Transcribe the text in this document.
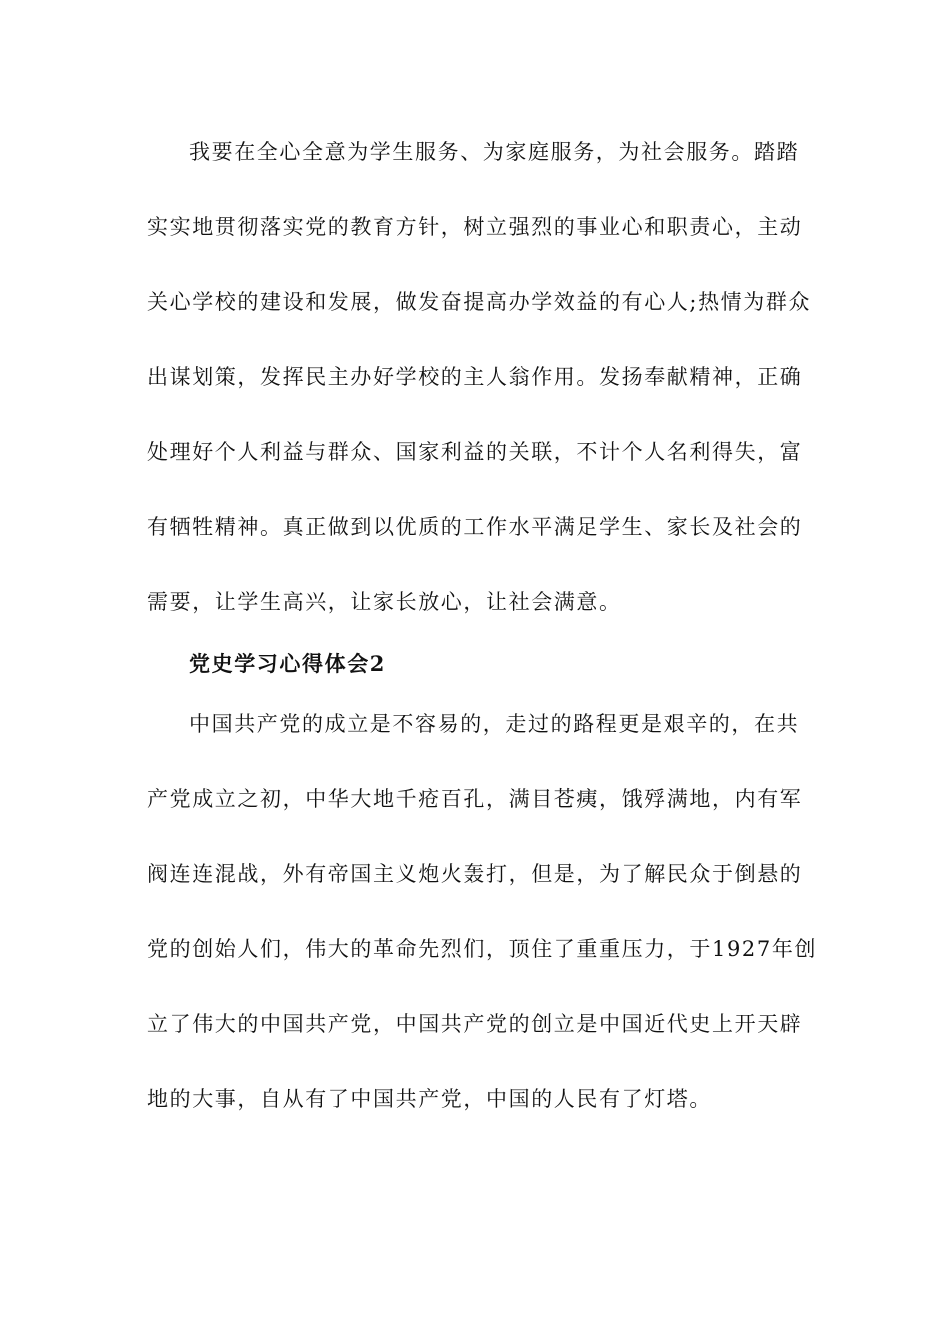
我要在全心全意为学生服务、为家庭服务，为社会服务。踏踏
实实地贯彻落实党的教育方针，树立强烈的事业心和职责心，主动
关心学校的建设和发展，做发奋提高办学效益的有心人;热情为群众
出谋划策，发挥民主办好学校的主人翁作用。发扬奉献精神，正确
处理好个人利益与群众、国家利益的关联，不计个人名利得失，富
有牺牲精神。真正做到以优质的工作水平满足学生、家长及社会的
需要，让学生高兴，让家长放心，让社会满意。
党史学习心得体会2
中国共产党的成立是不容易的，走过的路程更是艰辛的，在共
产党成立之初，中华大地千疮百孔，满目苍痍，饿殍满地，内有军
阀连连混战，外有帝国主义炮火轰打，但是，为了解民众于倒悬的
党的创始人们，伟大的革命先烈们，顶住了重重压力，于1927年创
立了伟大的中国共产党，中国共产党的创立是中国近代史上开天辟
地的大事，自从有了中国共产党，中国的人民有了灯塔。
